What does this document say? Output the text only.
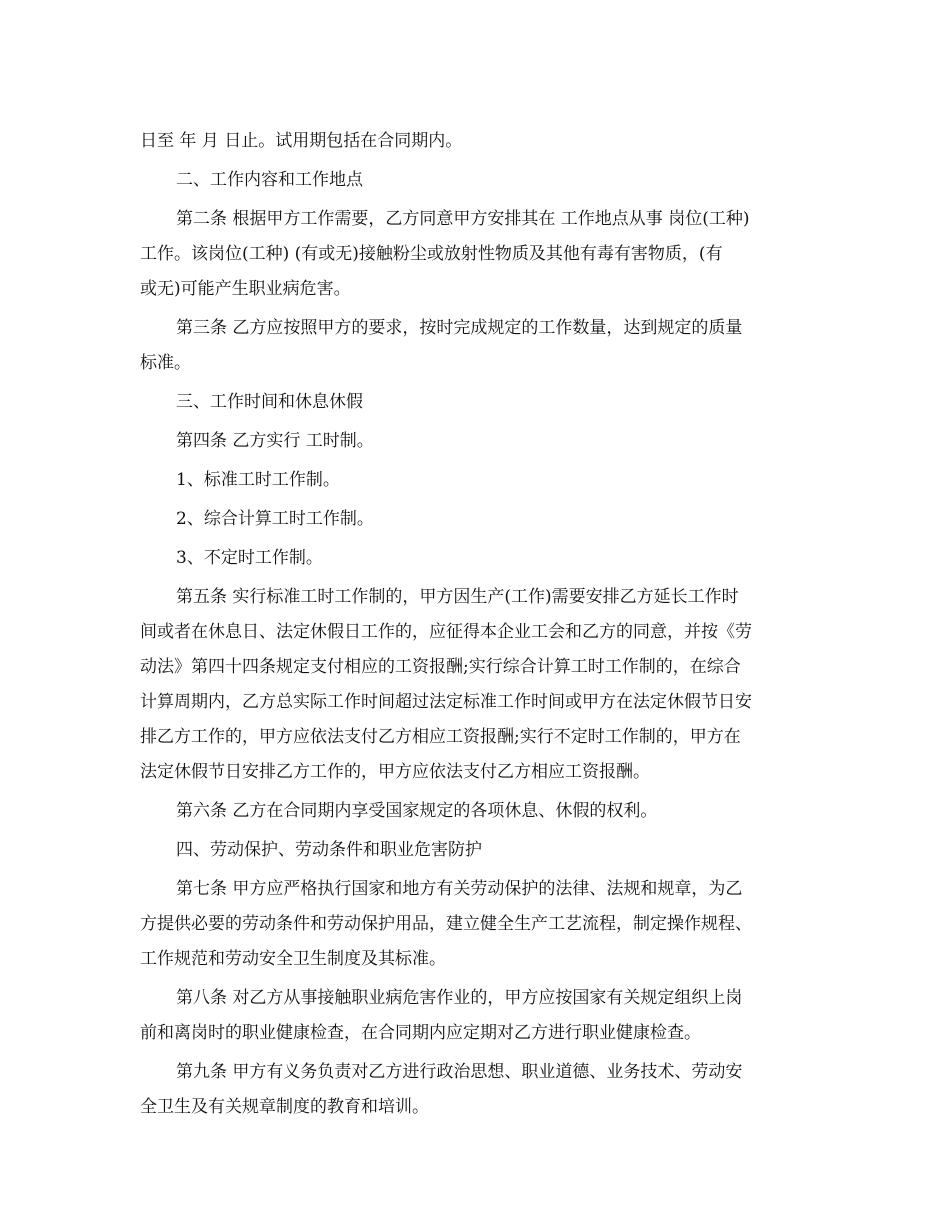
日至 年 月 日止。试用期包括在合同期内。
二、工作内容和工作地点
第二条 根据甲方工作需要，乙方同意甲方安排其在 工作地点从事 岗位(工种)
工作。该岗位(工种) (有或无)接触粉尘或放射性物质及其他有毒有害物质，(有
或无)可能产生职业病危害。
第三条 乙方应按照甲方的要求，按时完成规定的工作数量，达到规定的质量
标准。
三、工作时间和休息休假
第四条 乙方实行 工时制。
1、标准工时工作制。
2、综合计算工时工作制。
3、不定时工作制。
第五条 实行标准工时工作制的，甲方因生产(工作)需要安排乙方延长工作时
间或者在休息日、法定休假日工作的，应征得本企业工会和乙方的同意，并按《劳
动法》第四十四条规定支付相应的工资报酬;实行综合计算工时工作制的，在综合
计算周期内，乙方总实际工作时间超过法定标准工作时间或甲方在法定休假节日安
排乙方工作的，甲方应依法支付乙方相应工资报酬;实行不定时工作制的，甲方在
法定休假节日安排乙方工作的，甲方应依法支付乙方相应工资报酬。
第六条 乙方在合同期内享受国家规定的各项休息、休假的权利。
四、劳动保护、劳动条件和职业危害防护
第七条 甲方应严格执行国家和地方有关劳动保护的法律、法规和规章，为乙
方提供必要的劳动条件和劳动保护用品，建立健全生产工艺流程，制定操作规程、
工作规范和劳动安全卫生制度及其标准。
第八条 对乙方从事接触职业病危害作业的，甲方应按国家有关规定组织上岗
前和离岗时的职业健康检查，在合同期内应定期对乙方进行职业健康检查。
第九条 甲方有义务负责对乙方进行政治思想、职业道德、业务技术、劳动安
全卫生及有关规章制度的教育和培训。
